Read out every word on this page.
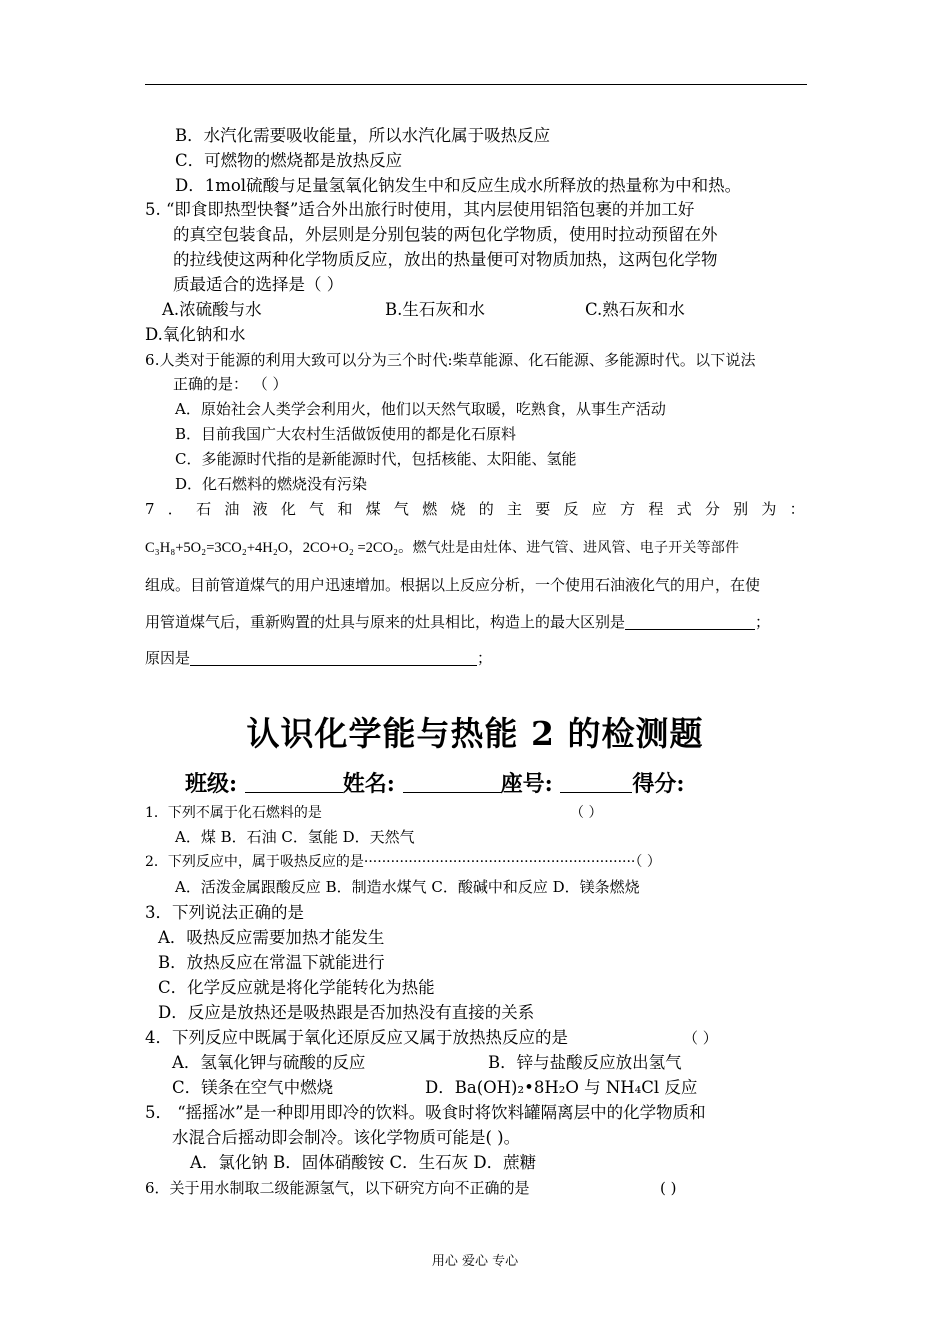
B．水汽化需要吸收能量，所以水汽化属于吸热反应
C．可燃物的燃烧都是放热反应
D．1mol硫酸与足量氢氧化钠发生中和反应生成水所释放的热量称为中和热。
5. “即食即热型快餐”适合外出旅行时使用，其内层使用铝箔包裹的并加工好
的真空包装食品，外层则是分别包装的两包化学物质，使用时拉动预留在外
的拉线使这两种化学物质反应，放出的热量便可对物质加热，这两包化学物
质最适合的选择是（ ）
A.浓硫酸与水	B.生石灰和水	C.熟石灰和水
D.氧化钠和水
6.人类对于能源的利用大致可以分为三个时代:柴草能源、化石能源、多能源时代。以下说法
正确的是： （ ）
A．原始社会人类学会利用火，他们以天然气取暖，吃熟食，从事生产活动
B．目前我国广大农村生活做饭使用的都是化石原料
C．多能源时代指的是新能源时代，包括核能、太阳能、氢能
D．化石燃料的燃烧没有污染
7 ． 石 油 液 化 气 和 煤 气 燃 烧 的 主 要 反 应 方 程 式 分 别 为 ：
C₃H₈+5O₂=3CO₂+4H₂O，2CO+O₂ =2CO₂。燃气灶是由灶体、进气管、进风管、电子开关等部件
组成。目前管道煤气的用户迅速增加。根据以上反应分析，一个使用石油液化气的用户，在使
用管道煤气后，重新购置的灶具与原来的灶具相比，构造上的最大区别是	；
原因是	；
认识化学能与热能 2 的检测题
班级:	姓名:	座号:	得分:
1．下列不属于化石燃料的是	（ ）
A．煤 B．石油 C．氢能 D．天然气
2．下列反应中，属于吸热反应的是·····························································（ ）
A．活泼金属跟酸反应 B．制造水煤气 C．酸碱中和反应 D．镁条燃烧
3．下列说法正确的是
A．吸热反应需要加热才能发生
B．放热反应在常温下就能进行
C．化学反应就是将化学能转化为热能
D．反应是放热还是吸热跟是否加热没有直接的关系
4．下列反应中既属于氧化还原反应又属于放热热反应的是	（ ）
A．氢氧化钾与硫酸的反应	B．锌与盐酸反应放出氢气
C．镁条在空气中燃烧	D．Ba(OH)₂•8H₂O 与 NH₄Cl 反应
5． “摇摇冰”是一种即用即冷的饮料。吸食时将饮料罐隔离层中的化学物质和
水混合后摇动即会制冷。该化学物质可能是( )。
A．氯化钠 B．固体硝酸铵 C．生石灰 D．蔗糖
6．关于用水制取二级能源氢气，以下研究方向不正确的是	( )
用心 爱心 专心
